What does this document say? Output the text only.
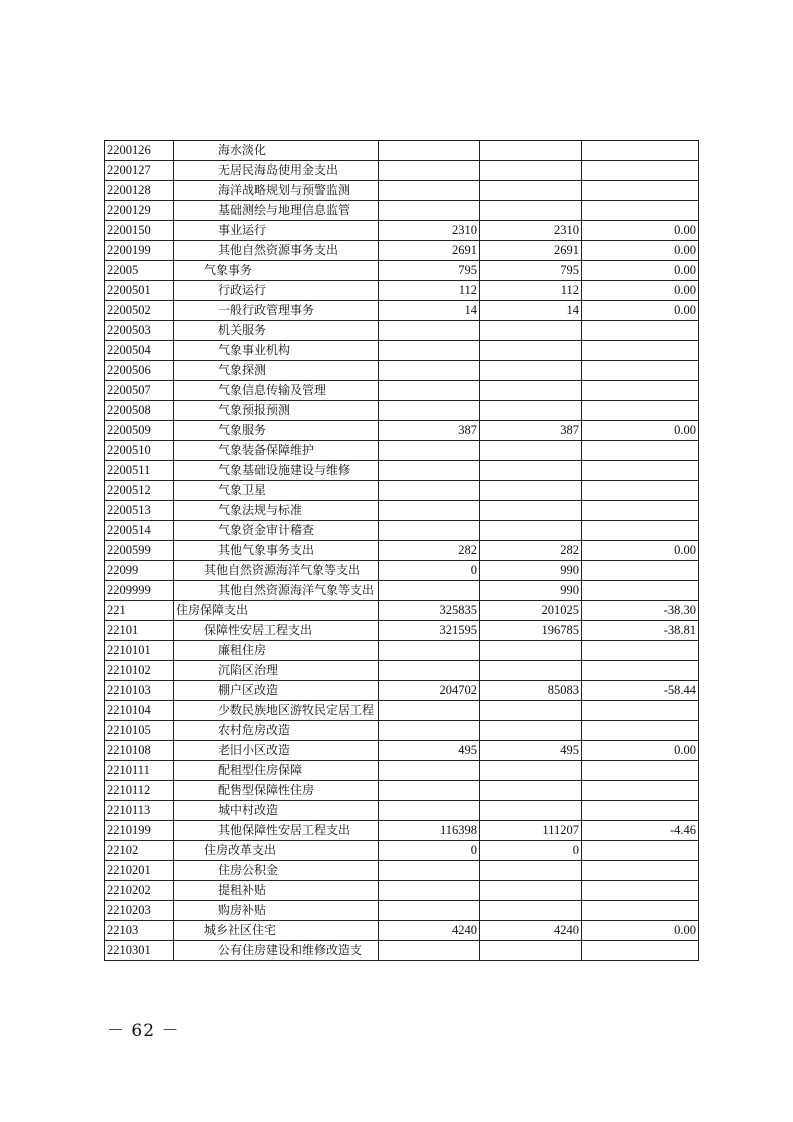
2200126	海水淡化			
2200127	无居民海岛使用金支出			
2200128	海洋战略规划与预警监测			
2200129	基础测绘与地理信息监管			
2200150	事业运行	2310	2310	0.00
2200199	其他自然资源事务支出	2691	2691	0.00
22005	气象事务	795	795	0.00
2200501	行政运行	112	112	0.00
2200502	一般行政管理事务	14	14	0.00
2200503	机关服务			
2200504	气象事业机构			
2200506	气象探测			
2200507	气象信息传输及管理			
2200508	气象预报预测			
2200509	气象服务	387	387	0.00
2200510	气象装备保障维护			
2200511	气象基础设施建设与维修			
2200512	气象卫星			
2200513	气象法规与标准			
2200514	气象资金审计稽查			
2200599	其他气象事务支出	282	282	0.00
22099	其他自然资源海洋气象等支出	0	990	
2209999	其他自然资源海洋气象等支出		990	
221	住房保障支出	325835	201025	-38.30
22101	保障性安居工程支出	321595	196785	-38.81
2210101	廉租住房			
2210102	沉陷区治理			
2210103	棚户区改造	204702	85083	-58.44
2210104	少数民族地区游牧民定居工程			
2210105	农村危房改造			
2210108	老旧小区改造	495	495	0.00
2210111	配租型住房保障			
2210112	配售型保障性住房			
2210113	城中村改造			
2210199	其他保障性安居工程支出	116398	111207	-4.46
22102	住房改革支出	0	0	
2210201	住房公积金			
2210202	提租补贴			
2210203	购房补贴			
22103	城乡社区住宅	4240	4240	0.00
2210301	公有住房建设和维修改造支			
－ 62 －
